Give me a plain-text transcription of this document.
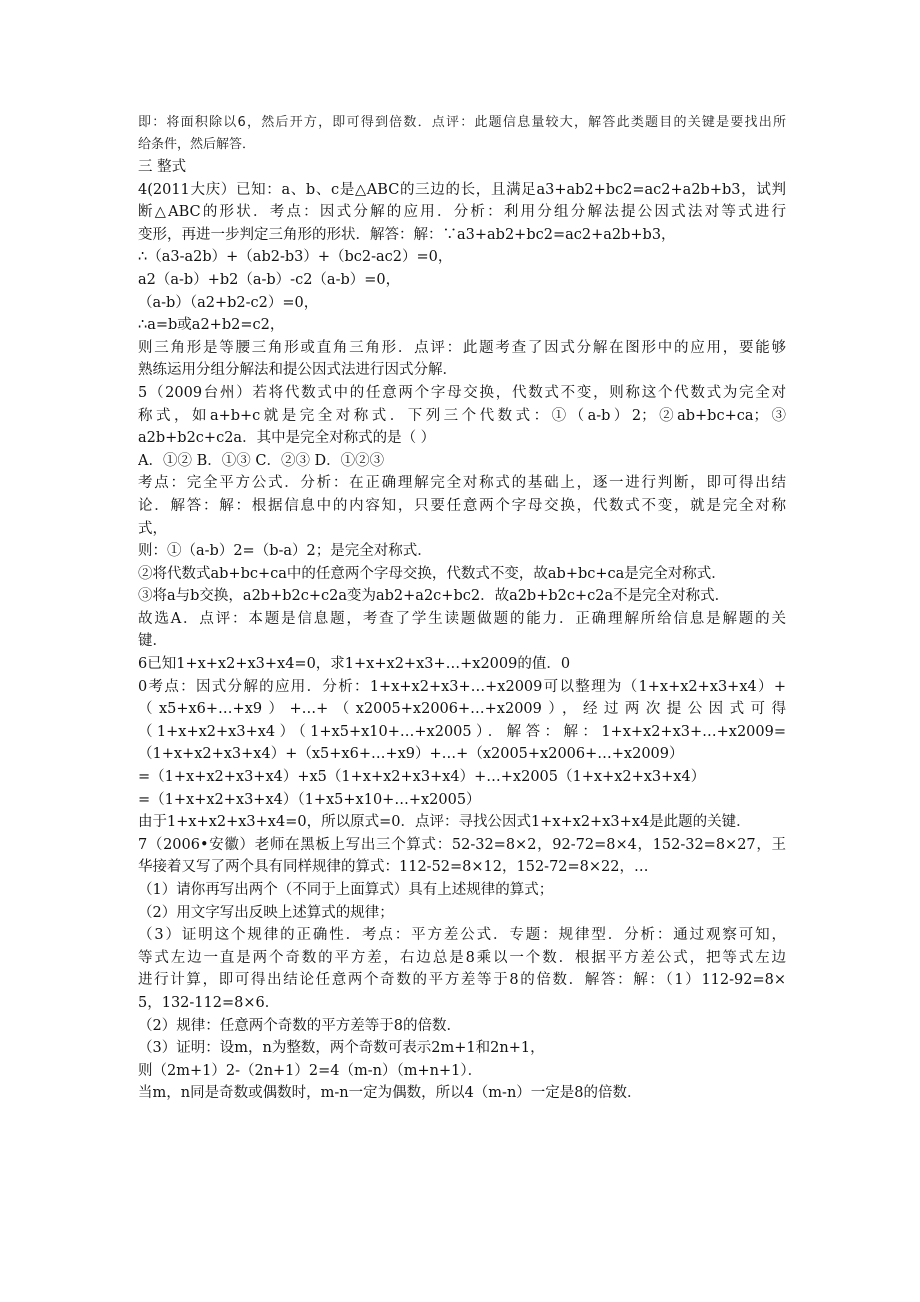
即：将面积除以6，然后开方，即可得到倍数．点评：此题信息量较大，解答此类题目的关键是要找出所

给条件，然后解答．

三 整式

4(2011大庆）已知：a、b、c是△ABC的三边的长，且满足a3+ab2+bc2=ac2+a2b+b3，试判

断△ABC的形状．考点：因式分解的应用．分析：利用分组分解法提公因式法对等式进行

变形，再进一步判定三角形的形状．解答：解：∵a3+ab2+bc2=ac2+a2b+b3，

∴（a3-a2b）+（ab2-b3）+（bc2-ac2）=0，

a2（a-b）+b2（a-b）-c2（a-b）=0，

（a-b）（a2+b2-c2）=0，

∴a=b或a2+b2=c2，

则三角形是等腰三角形或直角三角形．点评：此题考查了因式分解在图形中的应用，要能够

熟练运用分组分解法和提公因式法进行因式分解．

5（2009台州）若将代数式中的任意两个字母交换，代数式不变，则称这个代数式为完全对

称式，如a+b+c就是完全对称式．下列三个代数式：①（a-b）2；②ab+bc+ca；③

a2b+b2c+c2a．其中是完全对称式的是（ ）

A．①② B．①③ C．②③ D．①②③

考点：完全平方公式．分析：在正确理解完全对称式的基础上，逐一进行判断，即可得出结

论．解答：解：根据信息中的内容知，只要任意两个字母交换，代数式不变，就是完全对称

式，

则：①（a-b）2=（b-a）2；是完全对称式．

②将代数式ab+bc+ca中的任意两个字母交换，代数式不变，故ab+bc+ca是完全对称式．

③将a与b交换，a2b+b2c+c2a变为ab2+a2c+bc2．故a2b+b2c+c2a不是完全对称式．

故选A．点评：本题是信息题，考查了学生读题做题的能力．正确理解所给信息是解题的关

键．

6已知1+x+x2+x3+x4=0，求1+x+x2+x3+…+x2009的值．0

0考点：因式分解的应用．分析：1+x+x2+x3+…+x2009可以整理为（1+x+x2+x3+x4）+

（x5+x6+…+x9）+…+（x2005+x2006+…+x2009），经过两次提公因式可得

（1+x+x2+x3+x4）（1+x5+x10+…+x2005）．解答：解：1+x+x2+x3+…+x2009=

（1+x+x2+x3+x4）+（x5+x6+…+x9）+…+（x2005+x2006+…+x2009）

=（1+x+x2+x3+x4）+x5（1+x+x2+x3+x4）+…+x2005（1+x+x2+x3+x4）

=（1+x+x2+x3+x4）（1+x5+x10+…+x2005）

由于1+x+x2+x3+x4=0，所以原式=0．点评：寻找公因式1+x+x2+x3+x4是此题的关键．

7（2006•安徽）老师在黑板上写出三个算式：52-32=8×2，92-72=8×4，152-32=8×27，王

华接着又写了两个具有同样规律的算式：112-52=8×12，152-72=8×22，…

（1）请你再写出两个（不同于上面算式）具有上述规律的算式；

（2）用文字写出反映上述算式的规律；

（3）证明这个规律的正确性．考点：平方差公式．专题：规律型．分析：通过观察可知，

等式左边一直是两个奇数的平方差，右边总是8乘以一个数．根据平方差公式，把等式左边

进行计算，即可得出结论任意两个奇数的平方差等于8的倍数．解答：解：（1）112-92=8×

5，132-112=8×6．

（2）规律：任意两个奇数的平方差等于8的倍数．

（3）证明：设m，n为整数，两个奇数可表示2m+1和2n+1，

则（2m+1）2-（2n+1）2=4（m-n）（m+n+1）．

当m，n同是奇数或偶数时，m-n一定为偶数，所以4（m-n）一定是8的倍数．
